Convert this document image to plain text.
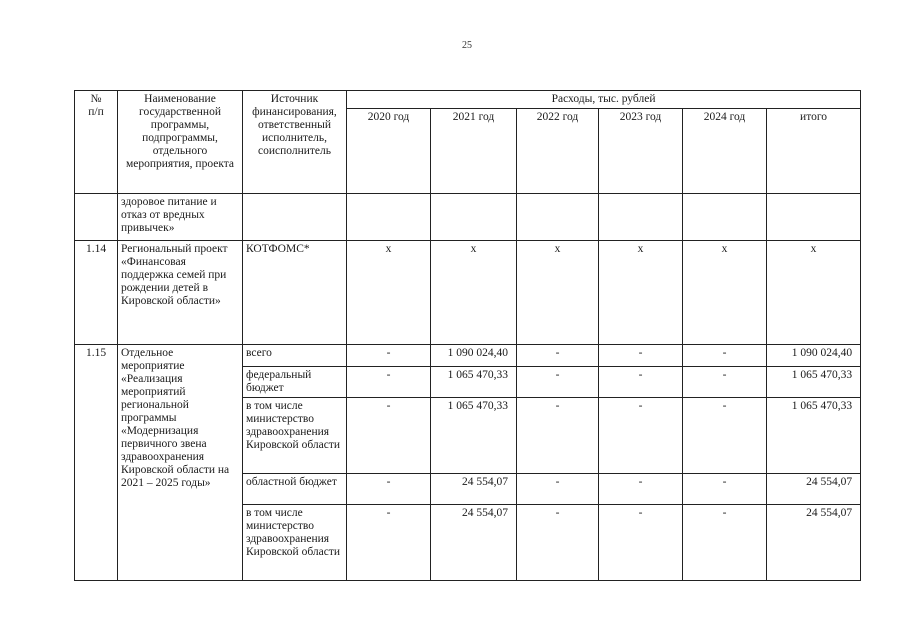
25
№
п/п	Наименование государственной программы, подпрограммы, отдельного мероприятия, проекта	Источник финансирования, ответственный исполнитель, соисполнитель	Расходы, тыс. рублей					
			2020 год	2021 год	2022 год	2023 год	2024 год	итого
	здоровое питание и отказ от вредных привычек»							
1.14	Региональный проект «Финансовая поддержка семей при рождении детей в Кировской области»	КОТФОМС*	х	х	х	х	х	х
1.15	Отдельное мероприятие «Реализация мероприятий региональной программы «Модернизация первичного звена здравоохранения Кировской области на 2021 – 2025 годы»	всего	-	1 090 024,40	-	-	-	1 090 024,40
		федеральный бюджет	-	1 065 470,33	-	-	-	1 065 470,33
		в том числе министерство здравоохранения Кировской области	-	1 065 470,33	-	-	-	1 065 470,33
		областной бюджет	-	24 554,07	-	-	-	24 554,07
		в том числе министерство здравоохранения Кировской области	-	24 554,07	-	-	-	24 554,07
